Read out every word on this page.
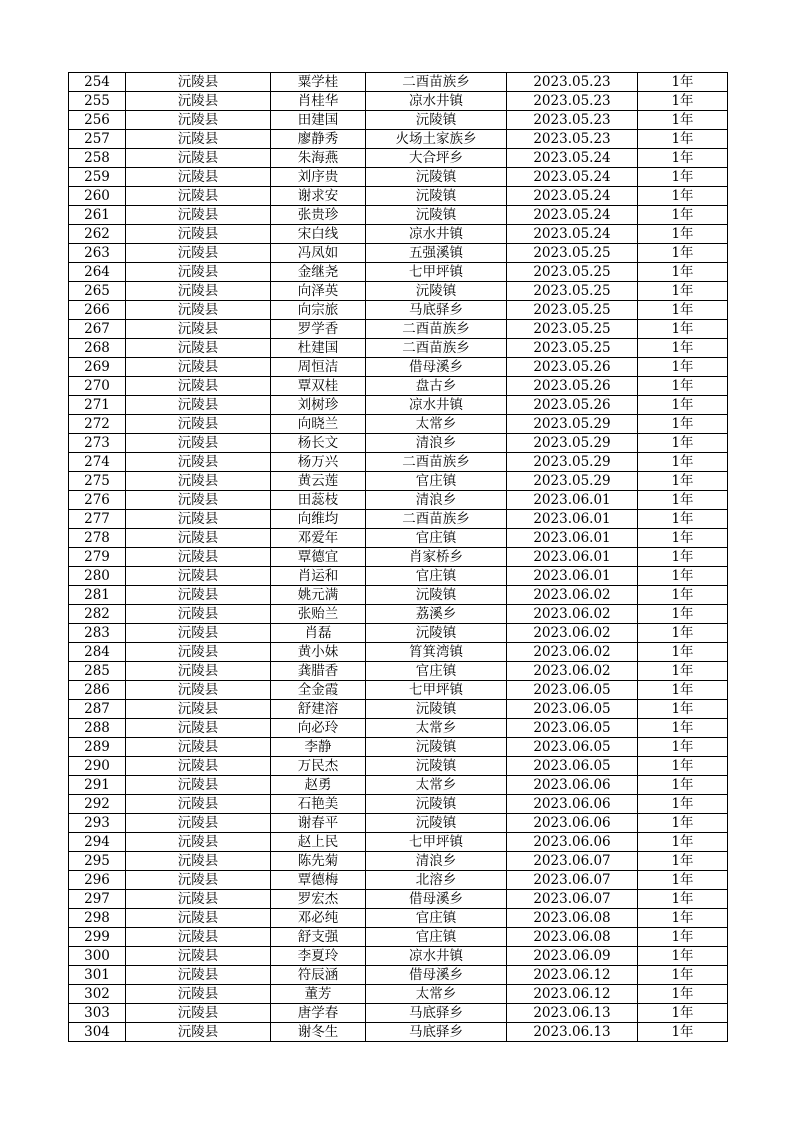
254	沅陵县	粟学桂	二酉苗族乡	2023.05.23	1年
255	沅陵县	肖桂华	凉水井镇	2023.05.23	1年
256	沅陵县	田建国	沅陵镇	2023.05.23	1年
257	沅陵县	廖静秀	火场土家族乡	2023.05.23	1年
258	沅陵县	朱海燕	大合坪乡	2023.05.24	1年
259	沅陵县	刘序贵	沅陵镇	2023.05.24	1年
260	沅陵县	谢求安	沅陵镇	2023.05.24	1年
261	沅陵县	张贵珍	沅陵镇	2023.05.24	1年
262	沅陵县	宋白线	凉水井镇	2023.05.24	1年
263	沅陵县	冯凤如	五强溪镇	2023.05.25	1年
264	沅陵县	金继尧	七甲坪镇	2023.05.25	1年
265	沅陵县	向泽英	沅陵镇	2023.05.25	1年
266	沅陵县	向宗旅	马底驿乡	2023.05.25	1年
267	沅陵县	罗学香	二酉苗族乡	2023.05.25	1年
268	沅陵县	杜建国	二酉苗族乡	2023.05.25	1年
269	沅陵县	周恒洁	借母溪乡	2023.05.26	1年
270	沅陵县	覃双桂	盘古乡	2023.05.26	1年
271	沅陵县	刘树珍	凉水井镇	2023.05.26	1年
272	沅陵县	向晓兰	太常乡	2023.05.29	1年
273	沅陵县	杨长文	清浪乡	2023.05.29	1年
274	沅陵县	杨万兴	二酉苗族乡	2023.05.29	1年
275	沅陵县	黄云莲	官庄镇	2023.05.29	1年
276	沅陵县	田蕊枝	清浪乡	2023.06.01	1年
277	沅陵县	向维均	二酉苗族乡	2023.06.01	1年
278	沅陵县	邓爱年	官庄镇	2023.06.01	1年
279	沅陵县	覃德宜	肖家桥乡	2023.06.01	1年
280	沅陵县	肖运和	官庄镇	2023.06.01	1年
281	沅陵县	姚元满	沅陵镇	2023.06.02	1年
282	沅陵县	张贻兰	荔溪乡	2023.06.02	1年
283	沅陵县	肖磊	沅陵镇	2023.06.02	1年
284	沅陵县	黄小妹	筲箕湾镇	2023.06.02	1年
285	沅陵县	龚腊香	官庄镇	2023.06.02	1年
286	沅陵县	全金霞	七甲坪镇	2023.06.05	1年
287	沅陵县	舒建溶	沅陵镇	2023.06.05	1年
288	沅陵县	向必玲	太常乡	2023.06.05	1年
289	沅陵县	李静	沅陵镇	2023.06.05	1年
290	沅陵县	万民杰	沅陵镇	2023.06.05	1年
291	沅陵县	赵勇	太常乡	2023.06.06	1年
292	沅陵县	石艳美	沅陵镇	2023.06.06	1年
293	沅陵县	谢春平	沅陵镇	2023.06.06	1年
294	沅陵县	赵上民	七甲坪镇	2023.06.06	1年
295	沅陵县	陈先菊	清浪乡	2023.06.07	1年
296	沅陵县	覃德梅	北溶乡	2023.06.07	1年
297	沅陵县	罗宏杰	借母溪乡	2023.06.07	1年
298	沅陵县	邓必纯	官庄镇	2023.06.08	1年
299	沅陵县	舒支强	官庄镇	2023.06.08	1年
300	沅陵县	李夏玲	凉水井镇	2023.06.09	1年
301	沅陵县	符辰涵	借母溪乡	2023.06.12	1年
302	沅陵县	董芳	太常乡	2023.06.12	1年
303	沅陵县	唐学春	马底驿乡	2023.06.13	1年
304	沅陵县	谢冬生	马底驿乡	2023.06.13	1年
